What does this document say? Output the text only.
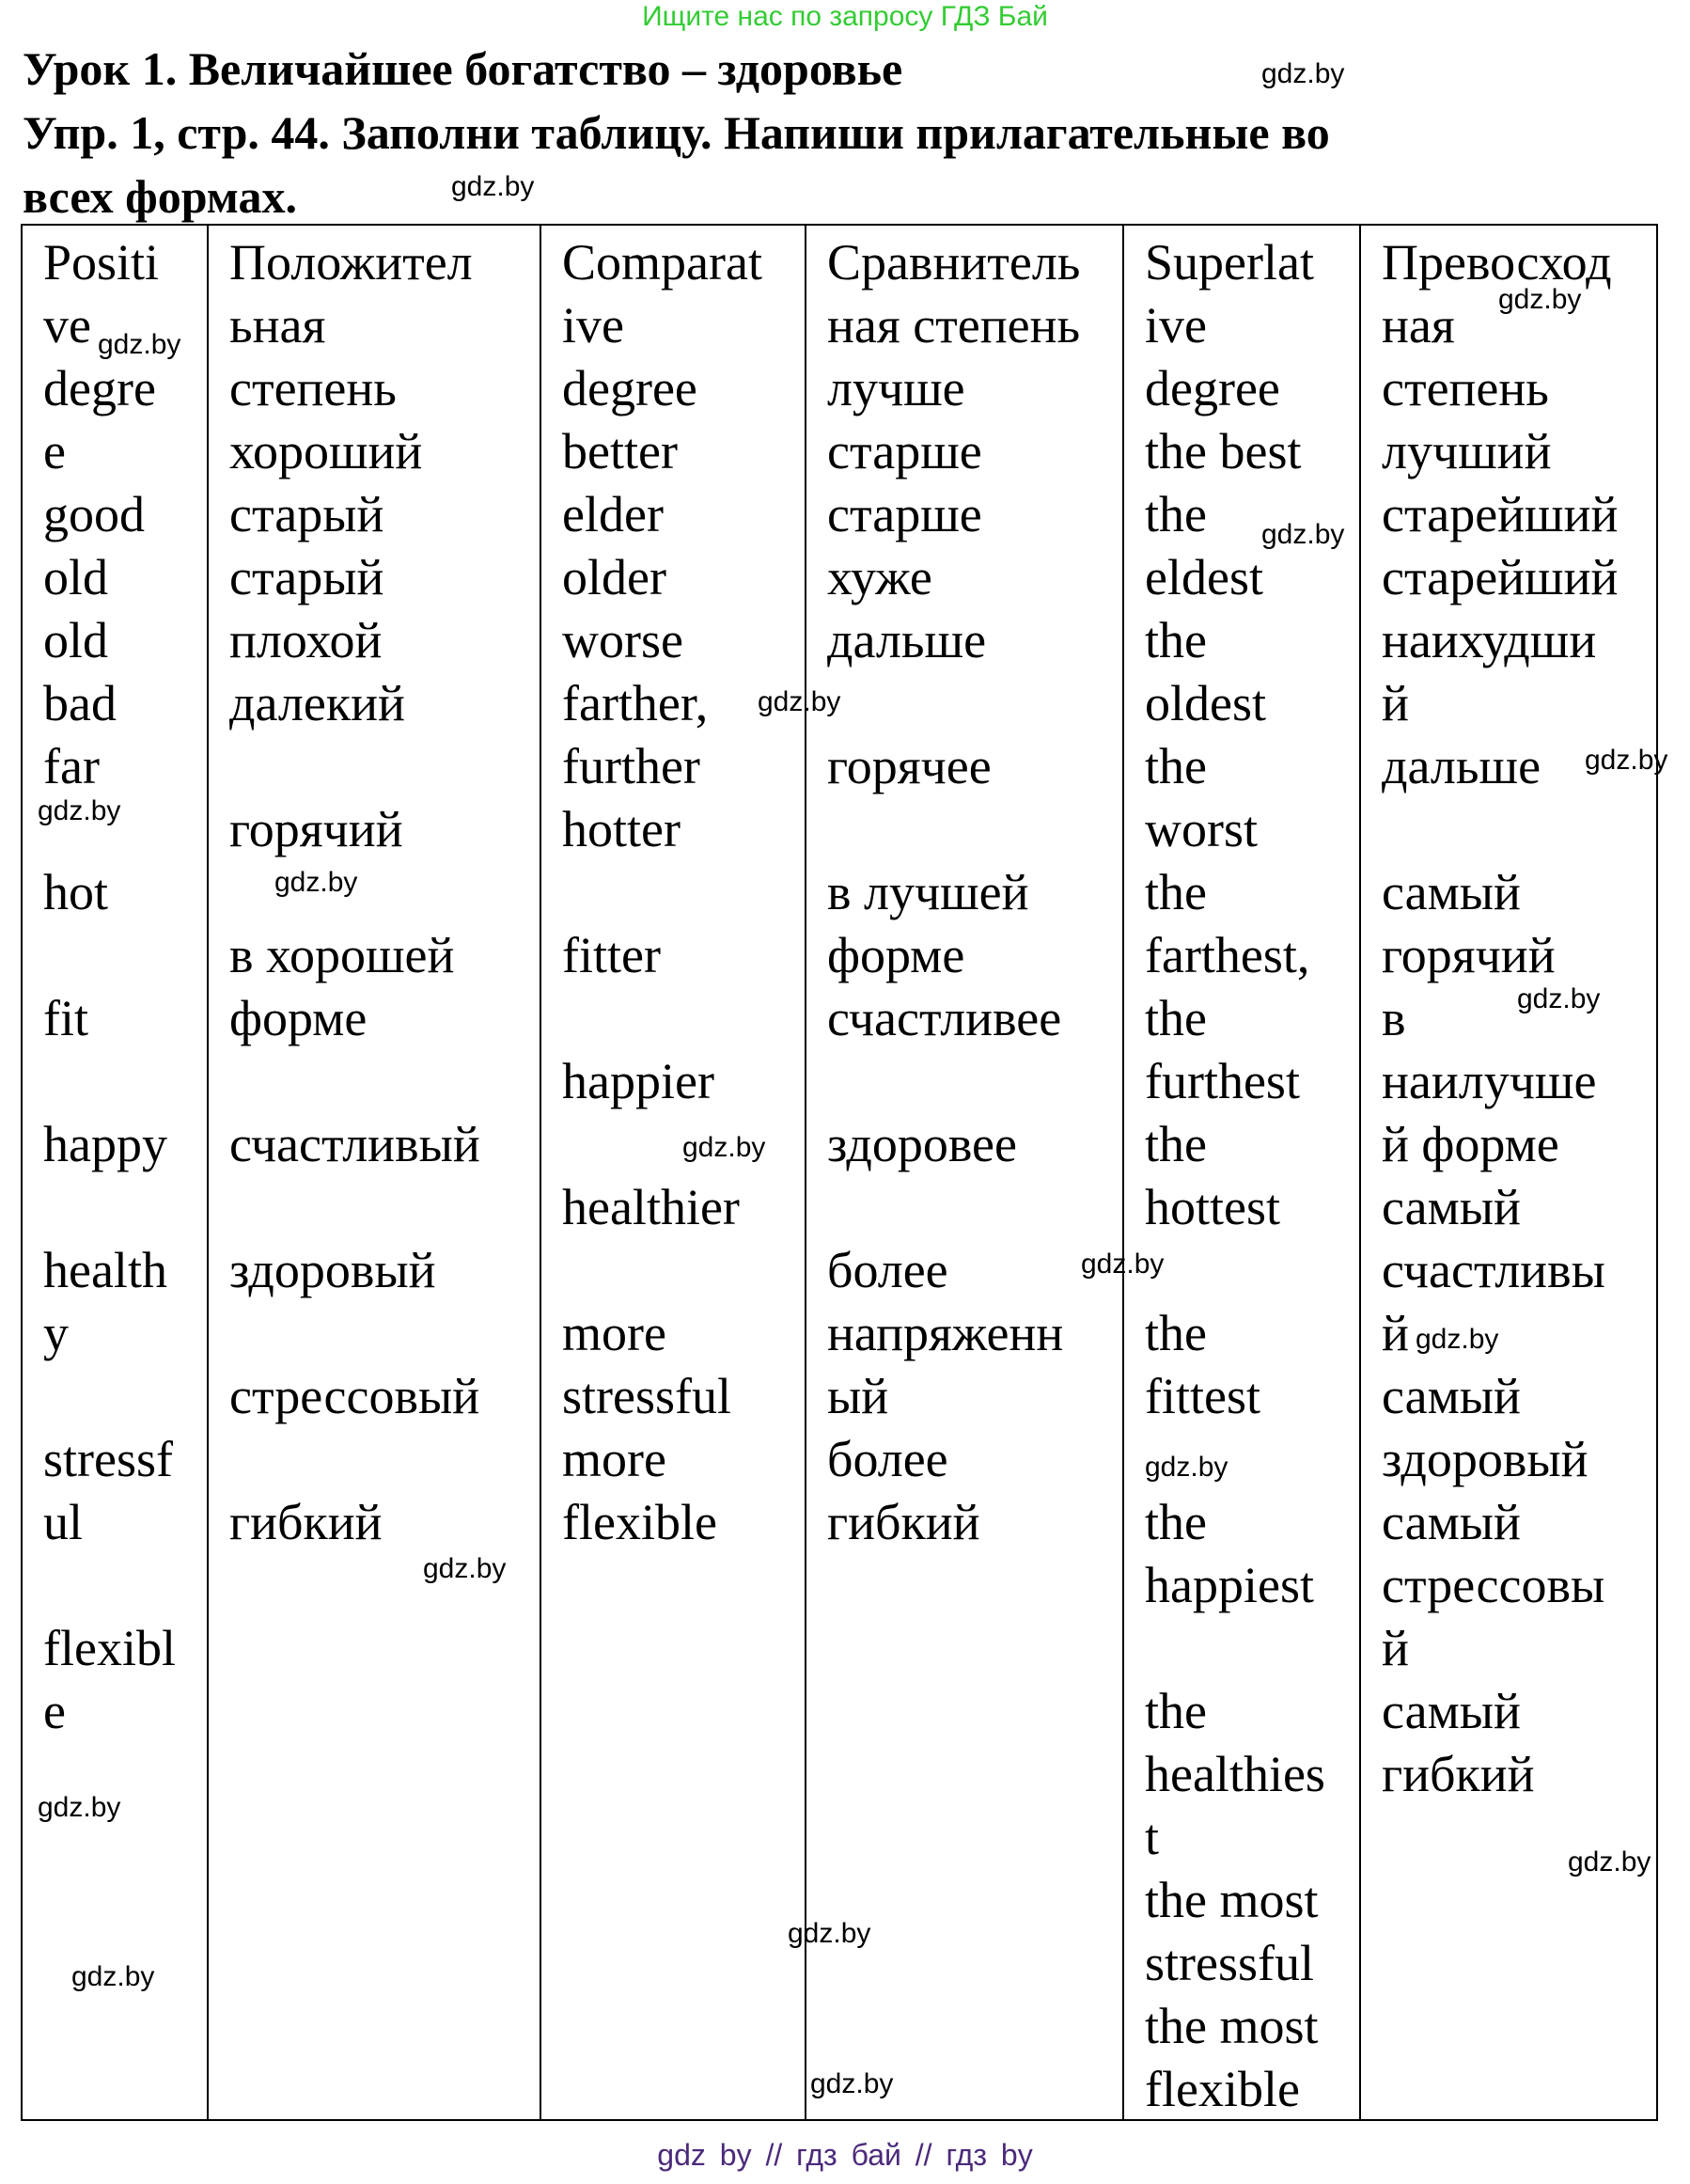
Ищите нас по запросу ГДЗ Бай
Урок 1. Величайшее богатство – здоровье
Упр. 1, стр. 44. Заполни таблицу. Напиши прилагательные во
всех формах.
Positi
ve
degre
e
good
old
old
bad
far

hot

fit

happy

health
y

stressf
ul

flexibl
e
Положител
ьная
степень
хороший
старый
старый
плохой
далекий

горячий

в хорошей
форме

счастливый

здоровый

стрессовый

гибкий
Comparat
ive
degree
better
elder
older
worse
farther,
further
hotter

fitter

happier

healthier

more
stressful
more
flexible
Сравнитель
ная степень
лучше
старше
старше
хуже
дальше

горячее

в лучшей
форме
счастливее

здоровее

более
напряженн
ый
более
гибкий
Superlat
ive
degree
the best
the
eldest
the
oldest
the
worst
the
farthest,
the
furthest
the
hottest

the
fittest

the
happiest

the
healthies
t
the most
stressful
the most
flexible
Превосход
ная
степень
лучший
старейший
старейший
наихудши
й
дальше

самый
горячий
в
наилучше
й форме
самый
счастливы
й
самый
здоровый
самый
стрессовы
й
самый
гибкий
gdz.by
gdz.by
gdz.by
gdz.by
gdz.by
gdz.by
gdz.by
gdz.by
gdz.by
gdz.by
gdz.by
gdz.by
gdz.by
gdz.by
gdz.by
gdz.by
gdz.by
gdz.by
gdz.by
gdz.by
gdz by // гдз бай // гдз by
